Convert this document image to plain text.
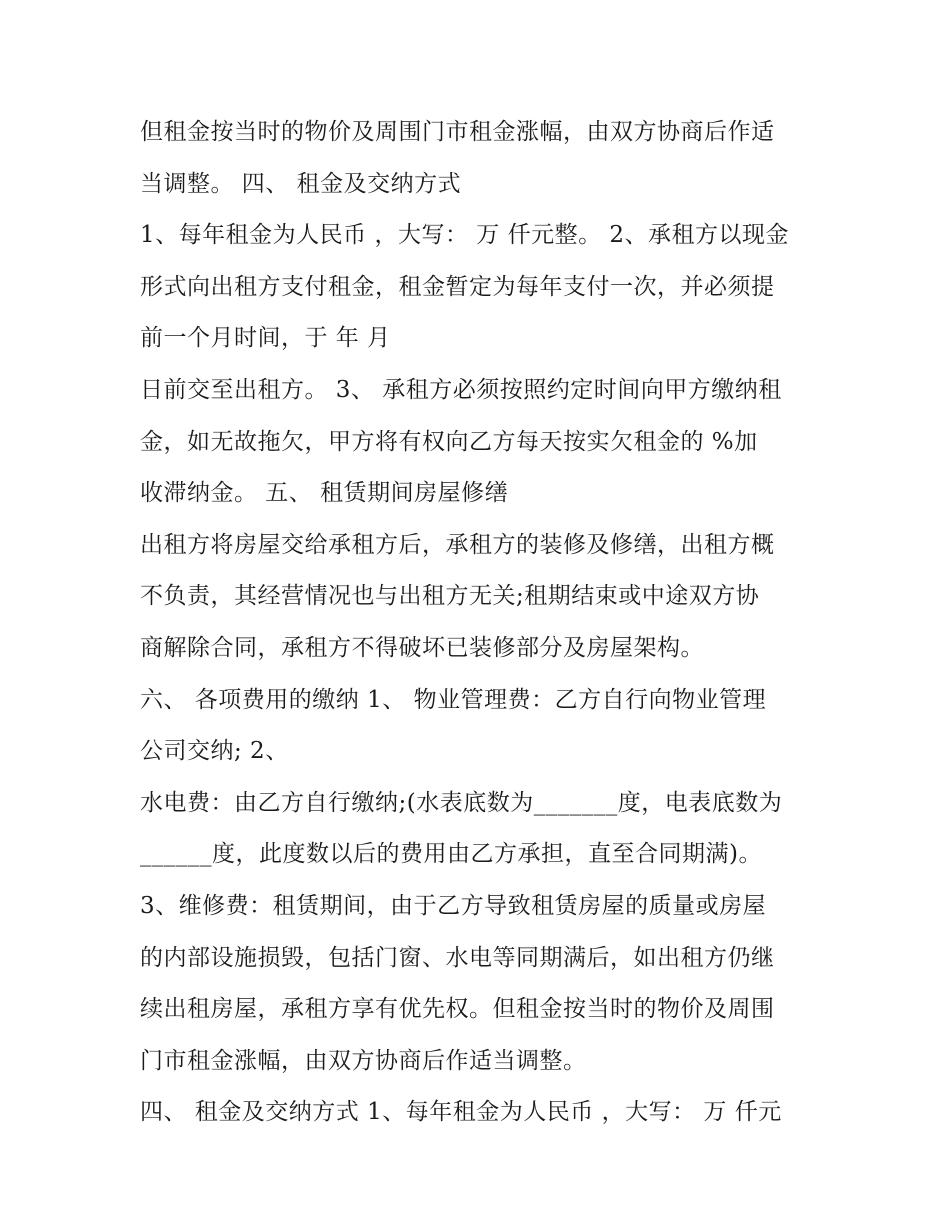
但租金按当时的物价及周围门市租金涨幅，由双方协商后作适
当调整。 四、 租金及交纳方式
1、每年租金为人民币 ，大写： 万 仟元整。 2、承租方以现金
形式向出租方支付租金，租金暂定为每年支付一次，并必须提
前一个月时间，于 年 月
日前交至出租方。 3、 承租方必须按照约定时间向甲方缴纳租
金，如无故拖欠，甲方将有权向乙方每天按实欠租金的 %加
收滞纳金。 五、 租赁期间房屋修缮
出租方将房屋交给承租方后，承租方的装修及修缮，出租方概
不负责，其经营情况也与出租方无关;租期结束或中途双方协
商解除合同，承租方不得破坏已装修部分及房屋架构。
六、 各项费用的缴纳 1、 物业管理费：乙方自行向物业管理
公司交纳; 2、
水电费：由乙方自行缴纳;(水表底数为_______度，电表底数为
______度，此度数以后的费用由乙方承担，直至合同期满)。
3、维修费：租赁期间，由于乙方导致租赁房屋的质量或房屋
的内部设施损毁，包括门窗、水电等同期满后，如出租方仍继
续出租房屋，承租方享有优先权。但租金按当时的物价及周围
门市租金涨幅，由双方协商后作适当调整。
四、 租金及交纳方式 1、每年租金为人民币 ，大写： 万 仟元
